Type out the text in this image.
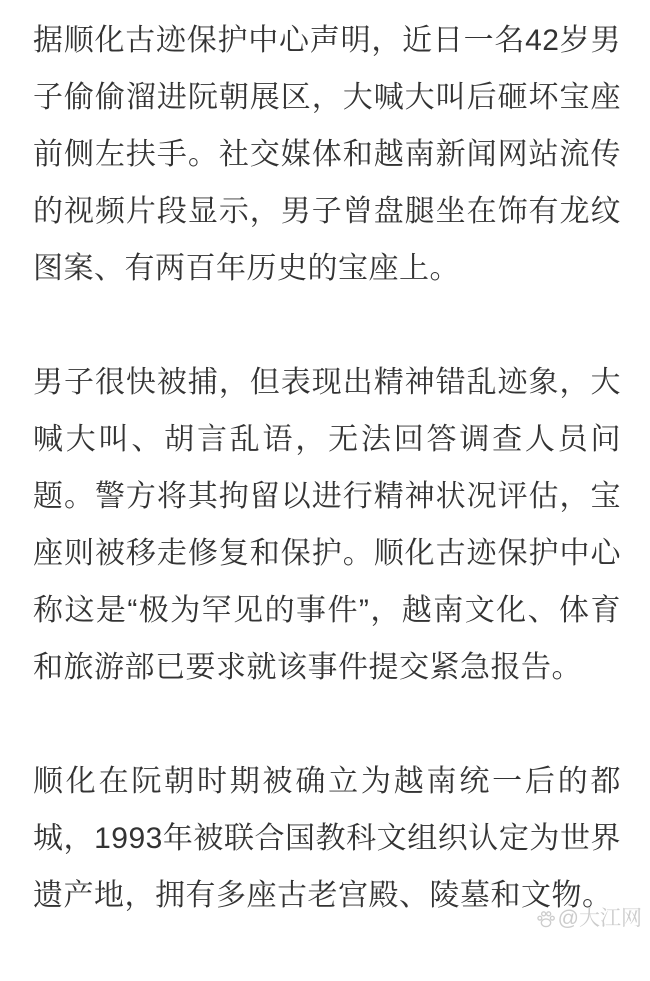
据顺化古迹保护中心声明，近日一名42岁男子偷偷溜进阮朝展区，大喊大叫后砸坏宝座前侧左扶手。社交媒体和越南新闻网站流传的视频片段显示，男子曾盘腿坐在饰有龙纹图案、有两百年历史的宝座上。

男子很快被捕，但表现出精神错乱迹象，大喊大叫、胡言乱语，无法回答调查人员问题。警方将其拘留以进行精神状况评估，宝座则被移走修复和保护。顺化古迹保护中心称这是“极为罕见的事件”，越南文化、体育和旅游部已要求就该事件提交紧急报告。

顺化在阮朝时期被确立为越南统一后的都城，1993年被联合国教科文组织认定为世界遗产地，拥有多座古老宫殿、陵墓和文物。

@大江网
